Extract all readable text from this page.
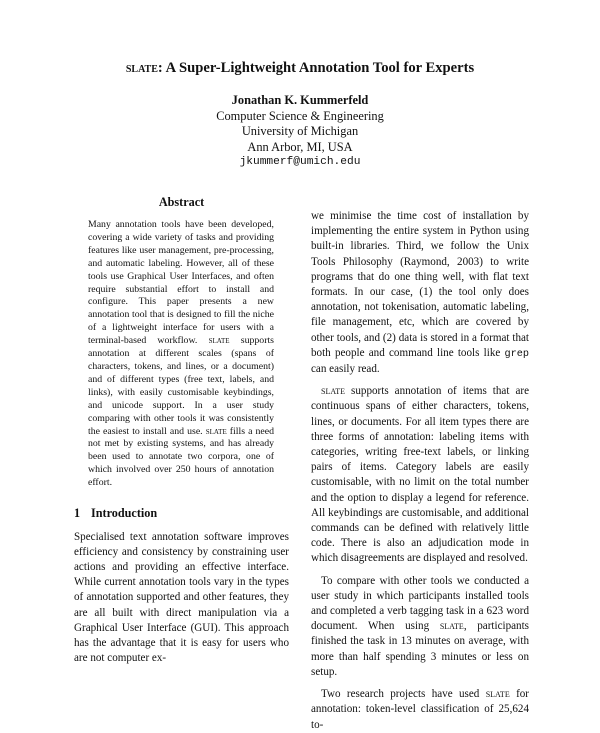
slate: A Super-Lightweight Annotation Tool for Experts
Jonathan K. Kummerfeld
Computer Science & Engineering
University of Michigan
Ann Arbor, MI, USA
jkummerf@umich.edu
Abstract

Many annotation tools have been developed, covering a wide variety of tasks and providing features like user management, pre-processing, and automatic labeling. However, all of these tools use Graphical User Interfaces, and often require substantial effort to install and configure. This paper presents a new annotation tool that is designed to fill the niche of a lightweight interface for users with a terminal-based workflow. slate supports annotation at different scales (spans of characters, tokens, and lines, or a document) and of different types (free text, labels, and links), with easily customisable keybindings, and unicode support. In a user study comparing with other tools it was consistently the easiest to install and use. slate fills a need not met by existing systems, and has already been used to annotate two corpora, one of which involved over 250 hours of annotation effort.

1 Introduction

Specialised text annotation software improves efficiency and consistency by constraining user actions and providing an effective interface. While current annotation tools vary in the types of annotation supported and other features, they are all built with direct manipulation via a Graphical User Interface (GUI). This approach has the advantage that it is easy for users who are not computer ex-

we minimise the time cost of installation by implementing the entire system in Python using built-in libraries. Third, we follow the Unix Tools Philosophy (Raymond, 2003) to write programs that do one thing well, with flat text formats. In our case, (1) the tool only does annotation, not tokenisation, automatic labeling, file management, etc, which are covered by other tools, and (2) data is stored in a format that both people and command line tools like grep can easily read.

slate supports annotation of items that are continuous spans of either characters, tokens, lines, or documents. For all item types there are three forms of annotation: labeling items with categories, writing free-text labels, or linking pairs of items. Category labels are easily customisable, with no limit on the total number and the option to display a legend for reference. All keybindings are customisable, and additional commands can be defined with relatively little code. There is also an adjudication mode in which disagreements are displayed and resolved.

To compare with other tools we conducted a user study in which participants installed tools and completed a verb tagging task in a 623 word document. When using slate, participants finished the task in 13 minutes on average, with more than half spending 3 minutes or less on setup.

Two research projects have used slate for annotation: token-level classification of 25,624 to-
